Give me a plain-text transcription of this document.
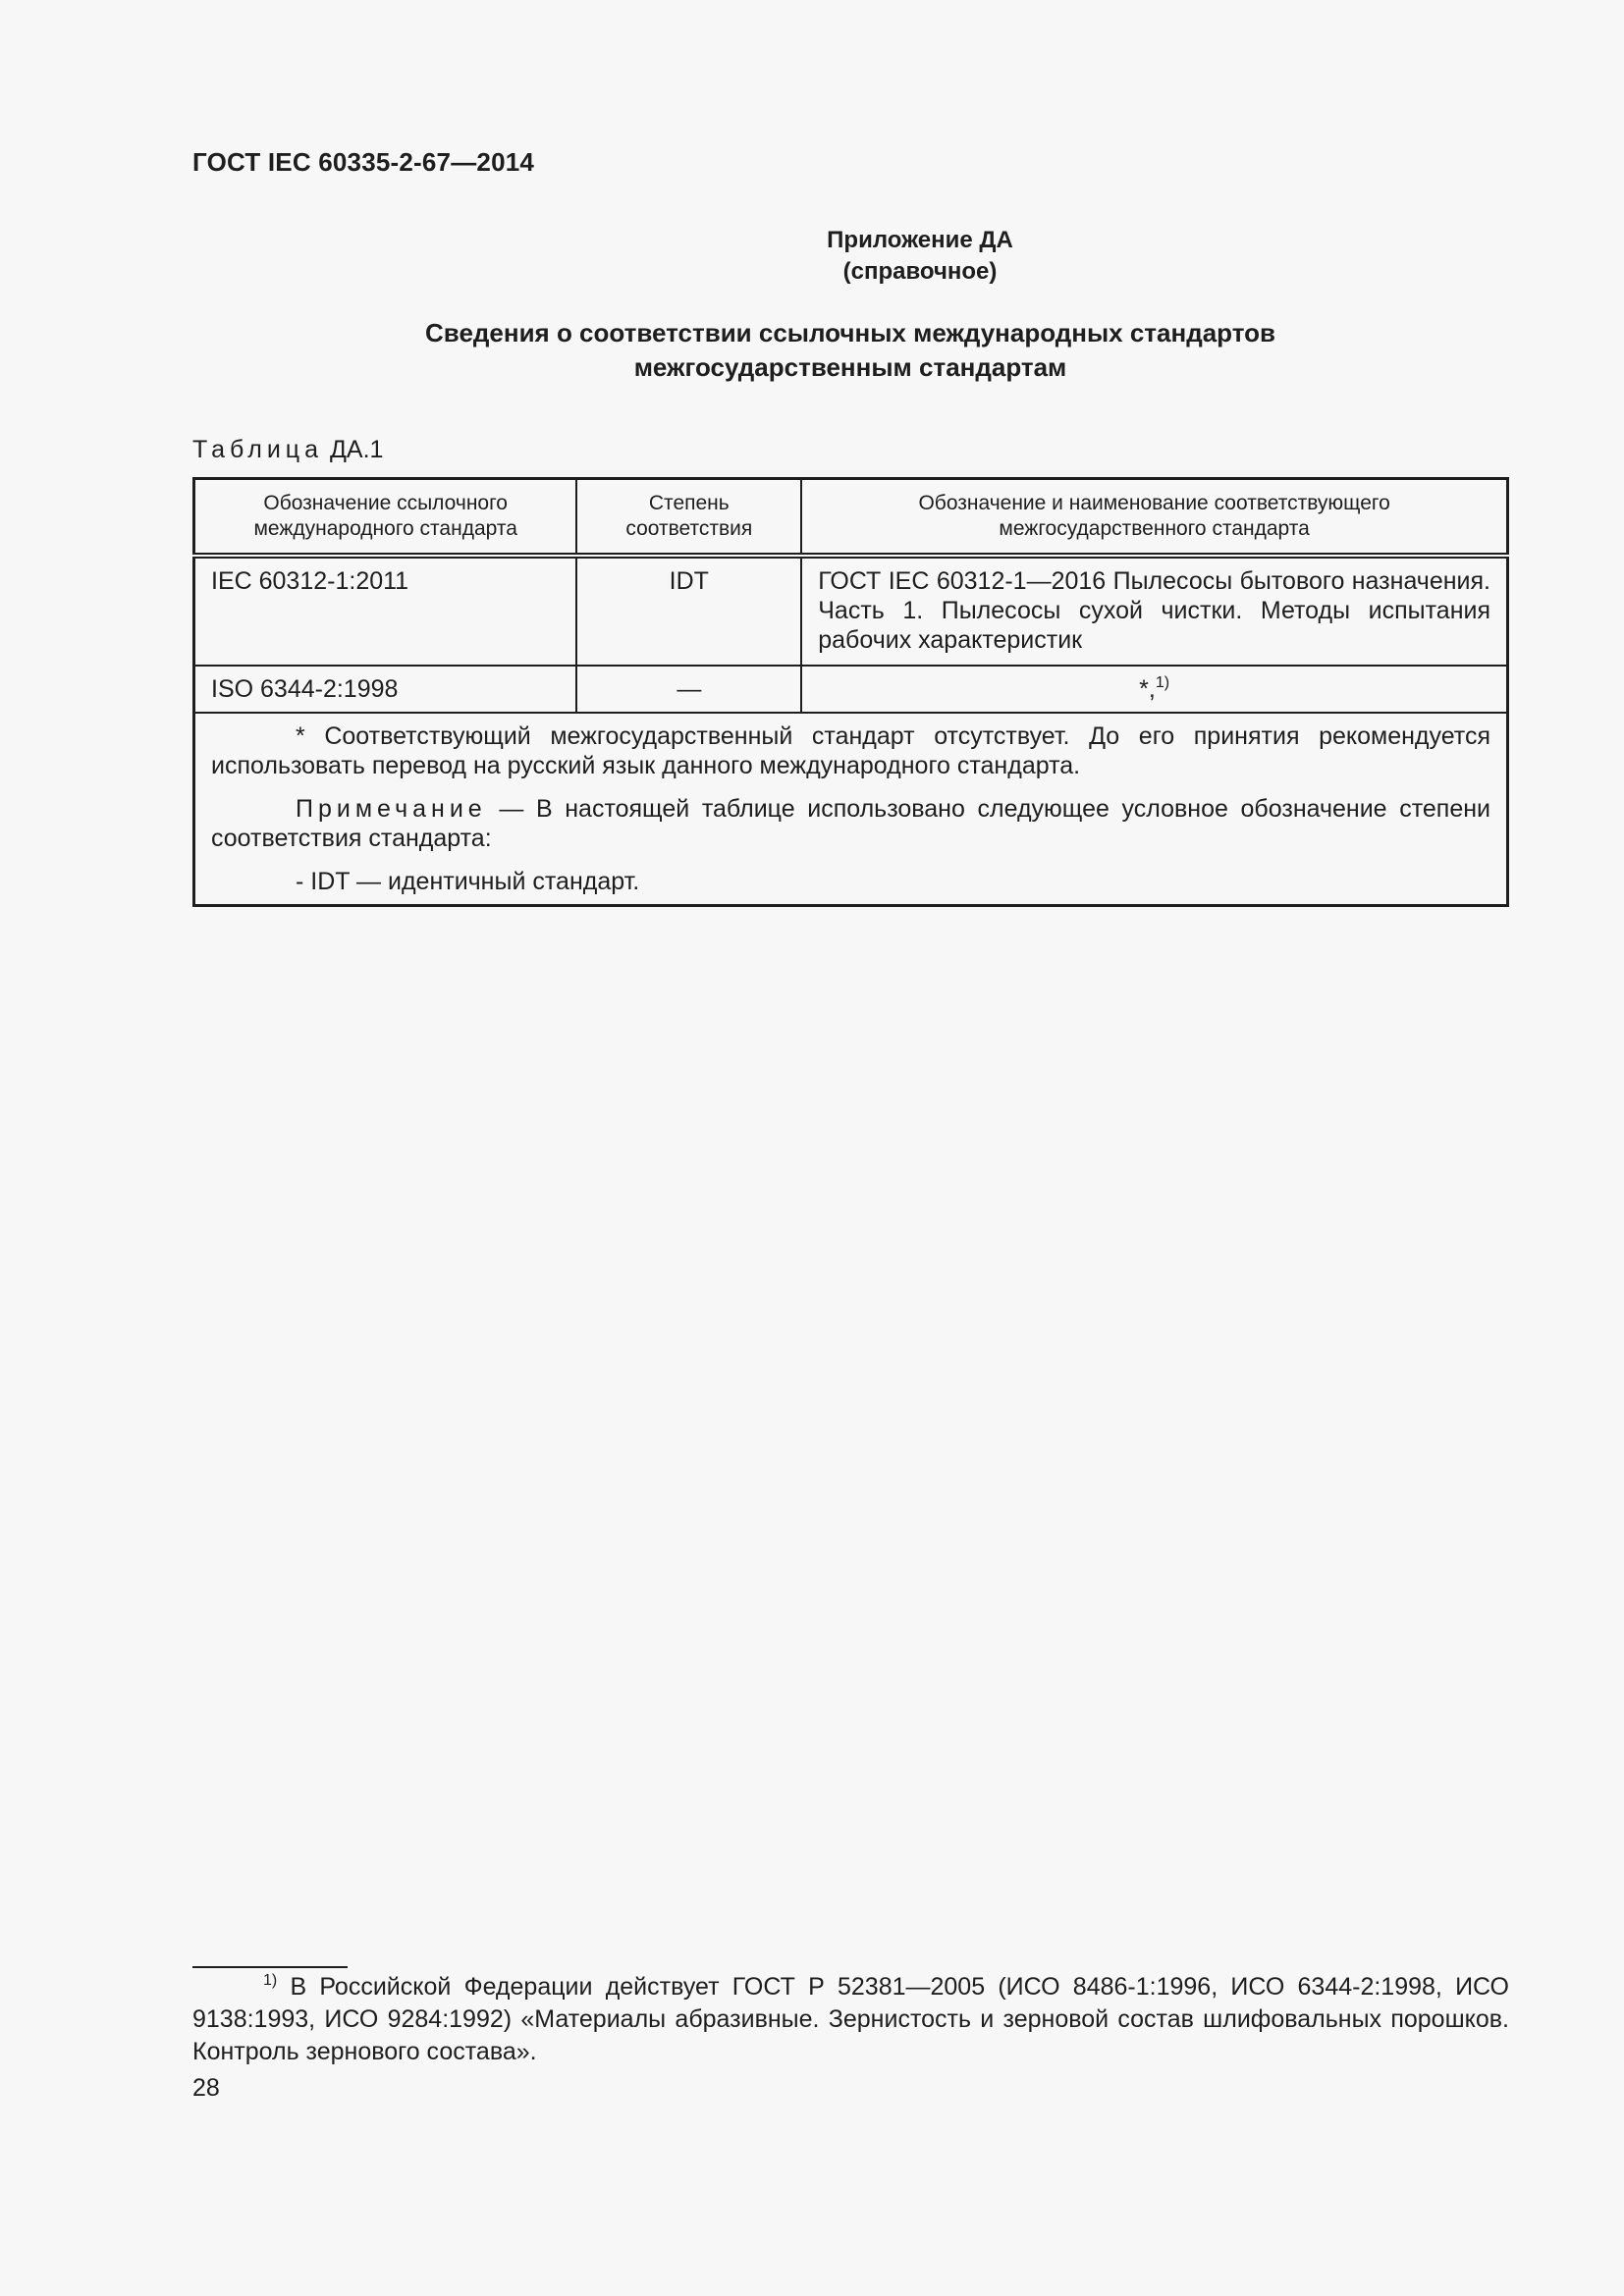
ГОСТ IEC 60335-2-67—2014
Приложение ДА
(справочное)
Сведения о соответствии ссылочных международных стандартов
межгосударственным стандартам
Таблица ДА.1
Обозначение ссылочного международного стандарта	Степень соответствия	Обозначение и наименование соответствующего межгосударственного стандарта
IEC 60312-1:2011	IDT	ГОСТ IEC 60312-1—2016 Пылесосы бытового назначения. Часть 1. Пылесосы сухой чистки. Методы испытания рабочих характеристик
ISO 6344-2:1998	—	*,$^{1)}$

* Соответствующий межгосударственный стандарт отсутствует. До его принятия рекомендуется использовать перевод на русский язык данного международного стандарта.

Примечание — В настоящей таблице использовано следующее условное обозначение степени соответствия стандарта:

- IDT — идентичный стандарт.		
$^{1)}$ В Российской Федерации действует ГОСТ Р 52381—2005 (ИСО 8486-1:1996, ИСО 6344-2:1998, ИСО 9138:1993, ИСО 9284:1992) «Материалы абразивные. Зернистость и зерновой состав шлифовальных порошков. Контроль зернового состава».
28
